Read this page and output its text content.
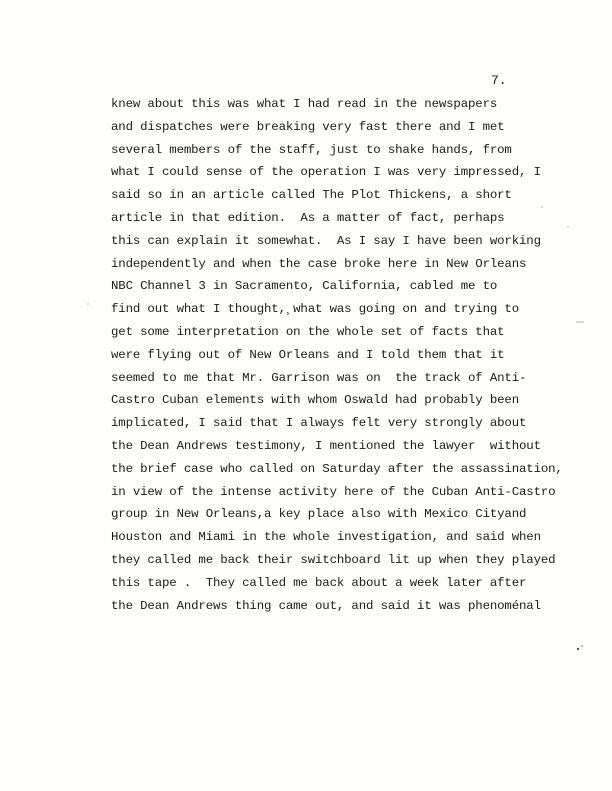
7.
knew about this was what I had read in the newspapers
and dispatches were breaking very fast there and I met
several members of the staff, just to shake hands, from
what I could sense of the operation I was very impressed, I
said so in an article called The Plot Thickens, a short
article in that edition.  As a matter of fact, perhaps
this can explain it somewhat.  As I say I have been working
independently and when the case broke here in New Orleans
NBC Channel 3 in Sacramento, California, cabled me to
find out what I thought,¸what was going on and trying to
get some interpretation on the whole set of facts that
were flying out of New Orleans and I told them that it
seemed to me that Mr. Garrison was on  the track of Anti-
Castro Cuban elements with whom Oswald had probably been
implicated, I said that I always felt very strongly about
the Dean Andrews testimony, I mentioned the lawyer  without
the brief case who called on Saturday after the assassination,
in view of the intense activity here of the Cuban Anti-Castro
group in New Orleans,a key place also with Mexico Cityand
Houston and Miami in the whole investigation, and said when
they called me back their switchboard lit up when they played
this tape .  They called me back about a week later after
the Dean Andrews thing came out, and said it was phenoménal
